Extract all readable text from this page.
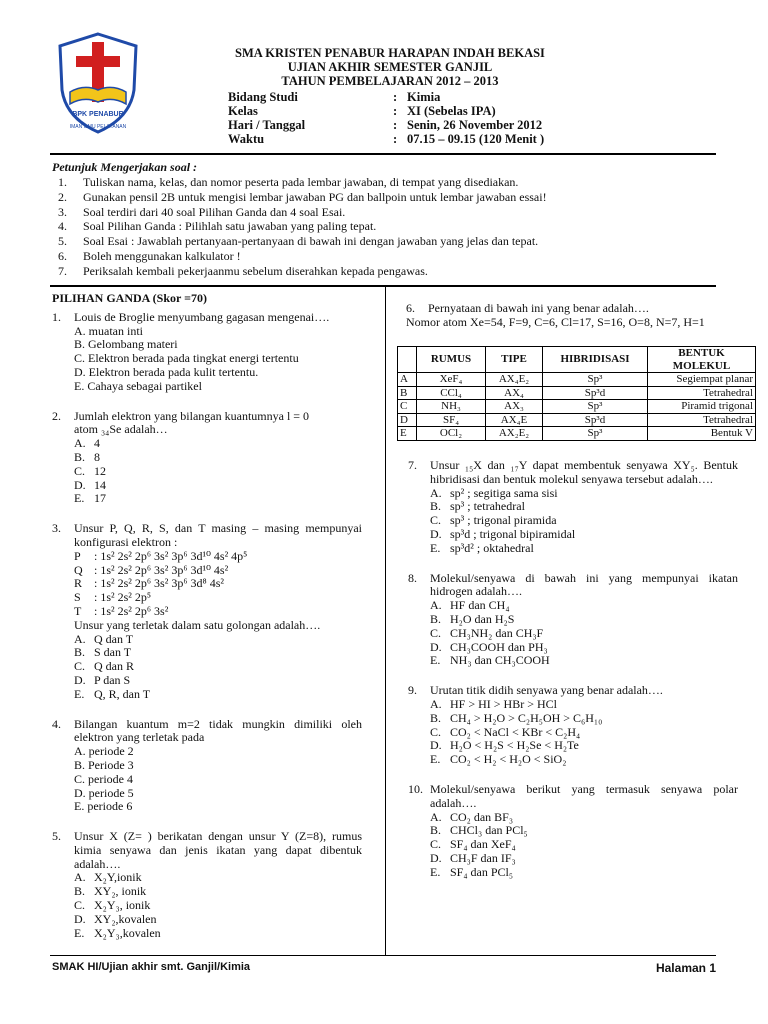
BPK PENABUR
IMAN ILMU PELAYANAN
SMA KRISTEN PENABUR HARAPAN INDAH BEKASI
UJIAN AKHIR SEMESTER GANJIL
TAHUN PEMBELAJARAN 2012 – 2013
Bidang Studi	: Kimia
Kelas	: XI (Sebelas IPA)
Hari / Tanggal	: Senin, 26 November 2012
Waktu	: 07.15 – 09.15 (120 Menit )
Petunjuk Mengerjakan soal :
1.	Tuliskan nama, kelas, dan nomor peserta pada lembar jawaban, di tempat yang disediakan.
2.	Gunakan pensil 2B untuk mengisi lembar jawaban PG dan ballpoin untuk lembar jawaban essai!
3.	Soal terdiri dari 40 soal Pilihan Ganda dan 4 soal Esai.
4.	Soal Pilihan Ganda : Pilihlah satu jawaban yang paling tepat.
5.	Soal Esai : Jawablah pertanyaan-pertanyaan di bawah ini dengan jawaban yang jelas dan tepat.
6.	Boleh menggunakan kalkulator !
7.	Periksalah kembali pekerjaanmu sebelum diserahkan kepada pengawas.
PILIHAN GANDA (Skor =70)
1.	Louis de Broglie menyumbang gagasan mengenai….

A. muatan inti

B. Gelombang materi

C. Elektron berada pada tingkat energi tertentu

D. Elektron berada pada kulit tertentu.

E. Cahaya sebagai partikel

2.	Jumlah elektron yang bilangan kuantumnya l = 0

atom ₃₄Se adalah…

A. 4
B. 8
C. 12
D. 14
E. 17
3.	Unsur P, Q, R, S, dan T masing – masing mempunyai konfigurasi elektron :

P	: 1s² 2s² 2p⁶ 3s² 3p⁶ 3d¹⁰ 4s² 4p⁵
Q : 1s² 2s² 2p⁶ 3s² 3p⁶ 3d¹⁰ 4s²
R : 1s² 2s² 2p⁶ 3s² 3p⁶ 3d⁸ 4s²
S	: 1s² 2s² 2p⁵
T	: 1s² 2s² 2p⁶ 3s²

Unsur yang terletak dalam satu golongan adalah….

A. Q dan T
B. S dan T
C. Q dan R
D. P dan S
E. Q, R, dan T
4.	Bilangan kuantum m=2 tidak mungkin dimiliki oleh elektron yang terletak pada

A. periode 2

B. Periode 3

C. periode 4

D. periode 5

E. periode 6

5.	Unsur X (Z= ) berikatan dengan unsur Y (Z=8), rumus kimia senyawa dan jenis ikatan yang dapat dibentuk adalah….

A. X₂Y,ionik
B. XY₂, ionik
C. X₂Y₃, ionik
D. XY₂,kovalen
E. X₂Y₃,kovalen
6.	Pernyataan di bawah ini yang benar adalah….

Nomor atom Xe=54, F=9, C=6, Cl=17, S=16, O=8, N=7, H=1

	RUMUS	TIPE	HIBRIDISASI	BENTUK MOLEKUL
A	XeF₄	AX₄E₂	Sp³	Segiempat planar
B	CCl₄	AX₄	Sp³d	Tetrahedral
C	NH₃	AX₃	Sp³	Piramid trigonal
D	SF₄	AX₄E	Sp³d	Tetrahedral
E	OCl₂	AX₂E₂	Sp³	Bentuk V
7.	Unsur ₁₅X dan ₁₇Y dapat membentuk senyawa XY₅. Bentuk hibridisasi dan bentuk molekul senyawa tersebut adalah….

A. sp² ; segitiga sama sisi
B. sp³ ; tetrahedral
C. sp³ ; trigonal piramida
D. sp³d ; trigonal bipiramidal
E. sp³d² ; oktahedral
8.	Molekul/senyawa di bawah ini yang mempunyai ikatan hidrogen adalah….

A. HF dan CH₄
B. H₂O dan H₂S
C. CH₃NH₂ dan CH₃F
D. CH₃COOH dan PH₃
E. NH₃ dan CH₃COOH
9.	Urutan titik didih senyawa yang benar adalah….

A. HF > HI > HBr > HCl
B. CH₄ > H₂O > C₂H₅OH > C₆H₁₀
C. CO₂ < NaCl < KBr < C₂H₄
D. H₂O < H₂S < H₂Se < H₂Te
E. CO₂ < H₂ < H₂O < SiO₂
10. Molekul/senyawa berikut yang termasuk senyawa polar adalah….

A. CO₂ dan BF₃
B. CHCl₃ dan PCl₅
C. SF₄ dan XeF₄
D. CH₃F dan IF₃
E. SF₄ dan PCl₅
SMAK HI/Ujian akhir smt. Ganjil/Kimia	Halaman 1
